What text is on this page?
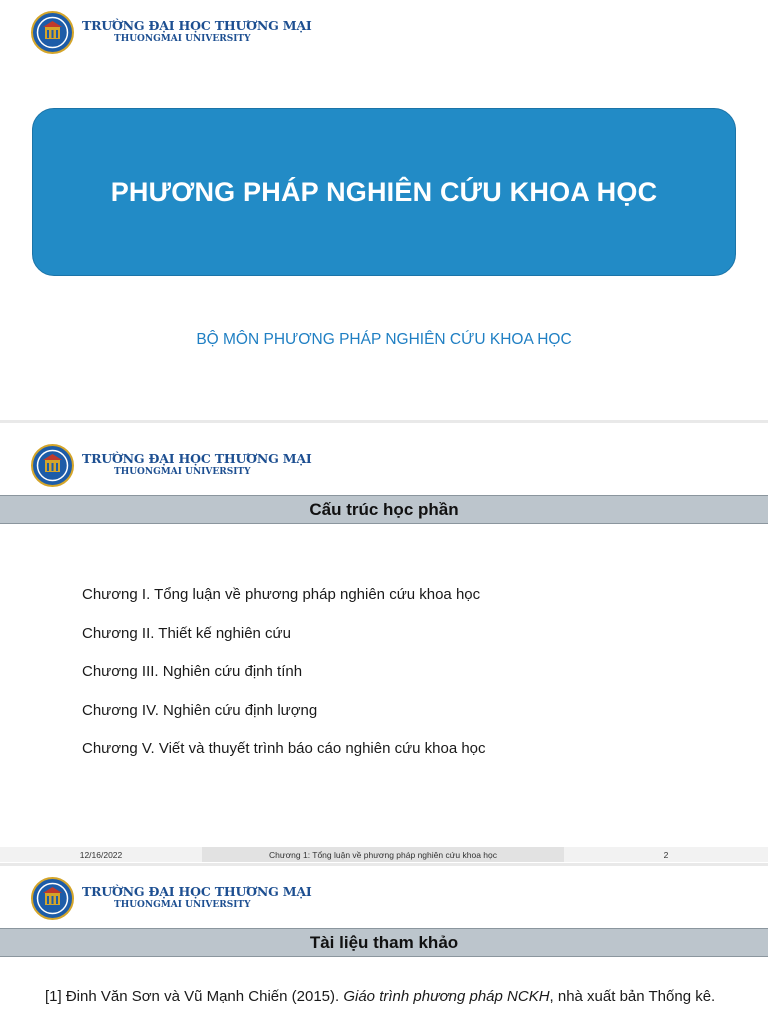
TRƯỜNG ĐẠI HỌC THƯƠNG MẠI
THUONGMAI UNIVERSITY
PHƯƠNG PHÁP NGHIÊN CỨU KHOA HỌC
BỘ MÔN PHƯƠNG PHÁP NGHIÊN CỨU KHOA HỌC
TRƯỜNG ĐẠI HỌC THƯƠNG MẠI
THUONGMAI UNIVERSITY
Cấu trúc học phần
Chương I. Tổng luận về phương pháp nghiên cứu khoa học
Chương II. Thiết kế nghiên cứu
Chương III. Nghiên cứu định tính
Chương IV. Nghiên cứu định lượng
Chương V. Viết và thuyết trình báo cáo nghiên cứu khoa học
12/16/2022	Chương 1: Tổng luận về phương pháp nghiên cứu khoa học	2
TRƯỜNG ĐẠI HỌC THƯƠNG MẠI
THUONGMAI UNIVERSITY
Tài liệu tham khảo
[1] Đinh Văn Sơn và Vũ Mạnh Chiến (2015). Giáo trình phương pháp NCKH, nhà xuất bản Thống kê.
